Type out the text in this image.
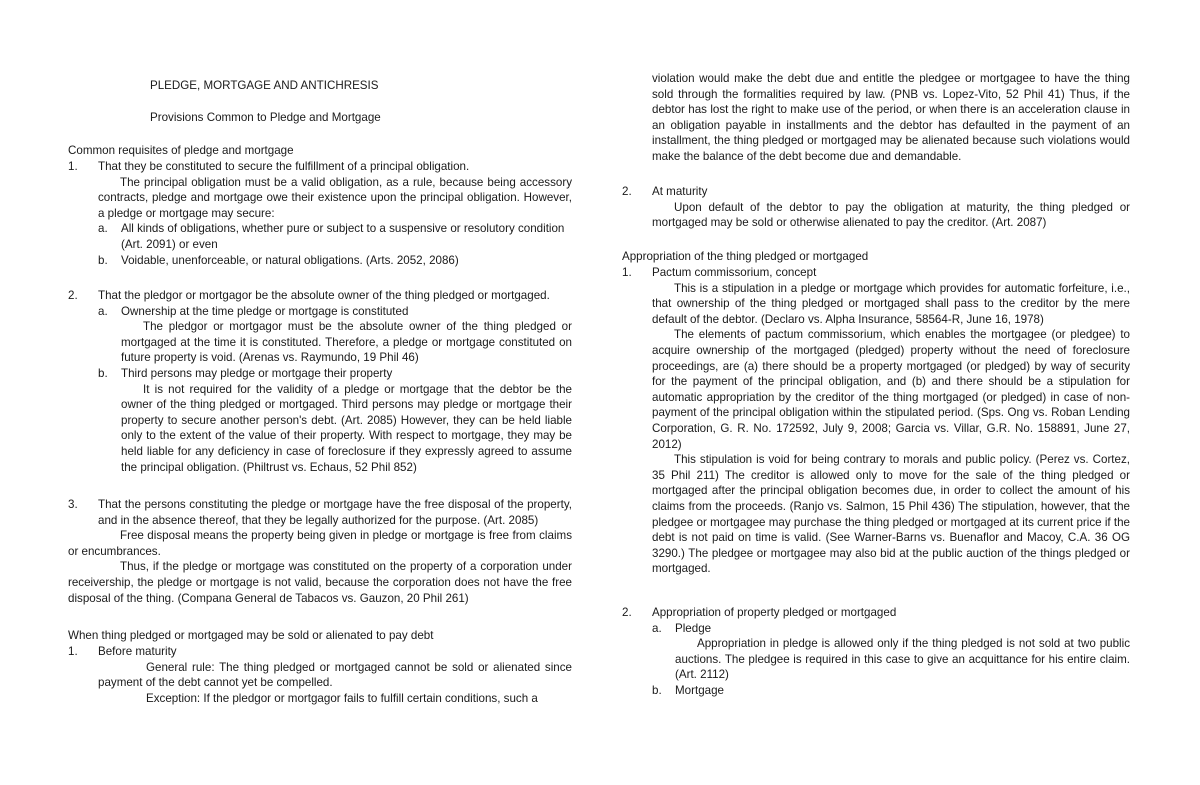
PLEDGE, MORTGAGE AND ANTICHRESIS
Provisions Common to Pledge and Mortgage

Common requisites of pledge and mortgage

1. That they be constituted to secure the fulfillment of a principal obligation.

The principal obligation must be a valid obligation, as a rule, because being accessory contracts, pledge and mortgage owe their existence upon the principal obligation. However, a pledge or mortgage may secure:

a. All kinds of obligations, whether pure or subject to a suspensive or resolutory condition (Art. 2091) or even

b. Voidable, unenforceable, or natural obligations. (Arts. 2052, 2086)

2. That the pledgor or mortgagor be the absolute owner of the thing pledged or mortgaged.

a. Ownership at the time pledge or mortgage is constituted

The pledgor or mortgagor must be the absolute owner of the thing pledged or mortgaged at the time it is constituted. Therefore, a pledge or mortgage constituted on future property is void. (Arenas vs. Raymundo, 19 Phil 46)

b. Third persons may pledge or mortgage their property

It is not required for the validity of a pledge or mortgage that the debtor be the owner of the thing pledged or mortgaged. Third persons may pledge or mortgage their property to secure another person's debt. (Art. 2085) However, they can be held liable only to the extent of the value of their property. With respect to mortgage, they may be held liable for any deficiency in case of foreclosure if they expressly agreed to assume the principal obligation. (Philtrust vs. Echaus, 52 Phil 852)

3. That the persons constituting the pledge or mortgage have the free disposal of the property, and in the absence thereof, that they be legally authorized for the purpose. (Art. 2085)

Free disposal means the property being given in pledge or mortgage is free from claims or encumbrances.

Thus, if the pledge or mortgage was constituted on the property of a corporation under receivership, the pledge or mortgage is not valid, because the corporation does not have the free disposal of the thing. (Compana General de Tabacos vs. Gauzon, 20 Phil 261)

When thing pledged or mortgaged may be sold or alienated to pay debt

1. Before maturity

General rule: The thing pledged or mortgaged cannot be sold or alienated since payment of the debt cannot yet be compelled.

Exception: If the pledgor or mortgagor fails to fulfill certain conditions, such a

violation would make the debt due and entitle the pledgee or mortgagee to have the thing sold through the formalities required by law. (PNB vs. Lopez-Vito, 52 Phil 41) Thus, if the debtor has lost the right to make use of the period, or when there is an acceleration clause in an obligation payable in installments and the debtor has defaulted in the payment of an installment, the thing pledged or mortgaged may be alienated because such violations would make the balance of the debt become due and demandable.

2. At maturity

Upon default of the debtor to pay the obligation at maturity, the thing pledged or mortgaged may be sold or otherwise alienated to pay the creditor. (Art. 2087)

Appropriation of the thing pledged or mortgaged

1. Pactum commissorium, concept

This is a stipulation in a pledge or mortgage which provides for automatic forfeiture, i.e., that ownership of the thing pledged or mortgaged shall pass to the creditor by the mere default of the debtor. (Declaro vs. Alpha Insurance, 58564-R, June 16, 1978)

The elements of pactum commissorium, which enables the mortgagee (or pledgee) to acquire ownership of the mortgaged (pledged) property without the need of foreclosure proceedings, are (a) there should be a property mortgaged (or pledged) by way of security for the payment of the principal obligation, and (b) and there should be a stipulation for automatic appropriation by the creditor of the thing mortgaged (or pledged) in case of non-payment of the principal obligation within the stipulated period. (Sps. Ong vs. Roban Lending Corporation, G. R. No. 172592, July 9, 2008; Garcia vs. Villar, G.R. No. 158891, June 27, 2012)

This stipulation is void for being contrary to morals and public policy. (Perez vs. Cortez, 35 Phil 211) The creditor is allowed only to move for the sale of the thing pledged or mortgaged after the principal obligation becomes due, in order to collect the amount of his claims from the proceeds. (Ranjo vs. Salmon, 15 Phil 436) The stipulation, however, that the pledgee or mortgagee may purchase the thing pledged or mortgaged at its current price if the debt is not paid on time is valid. (See Warner-Barns vs. Buenaflor and Macoy, C.A. 36 OG 3290.) The pledgee or mortgagee may also bid at the public auction of the things pledged or mortgaged.

2. Appropriation of property pledged or mortgaged

a. Pledge

Appropriation in pledge is allowed only if the thing pledged is not sold at two public auctions. The pledgee is required in this case to give an acquittance for his entire claim. (Art. 2112)

b. Mortgage
